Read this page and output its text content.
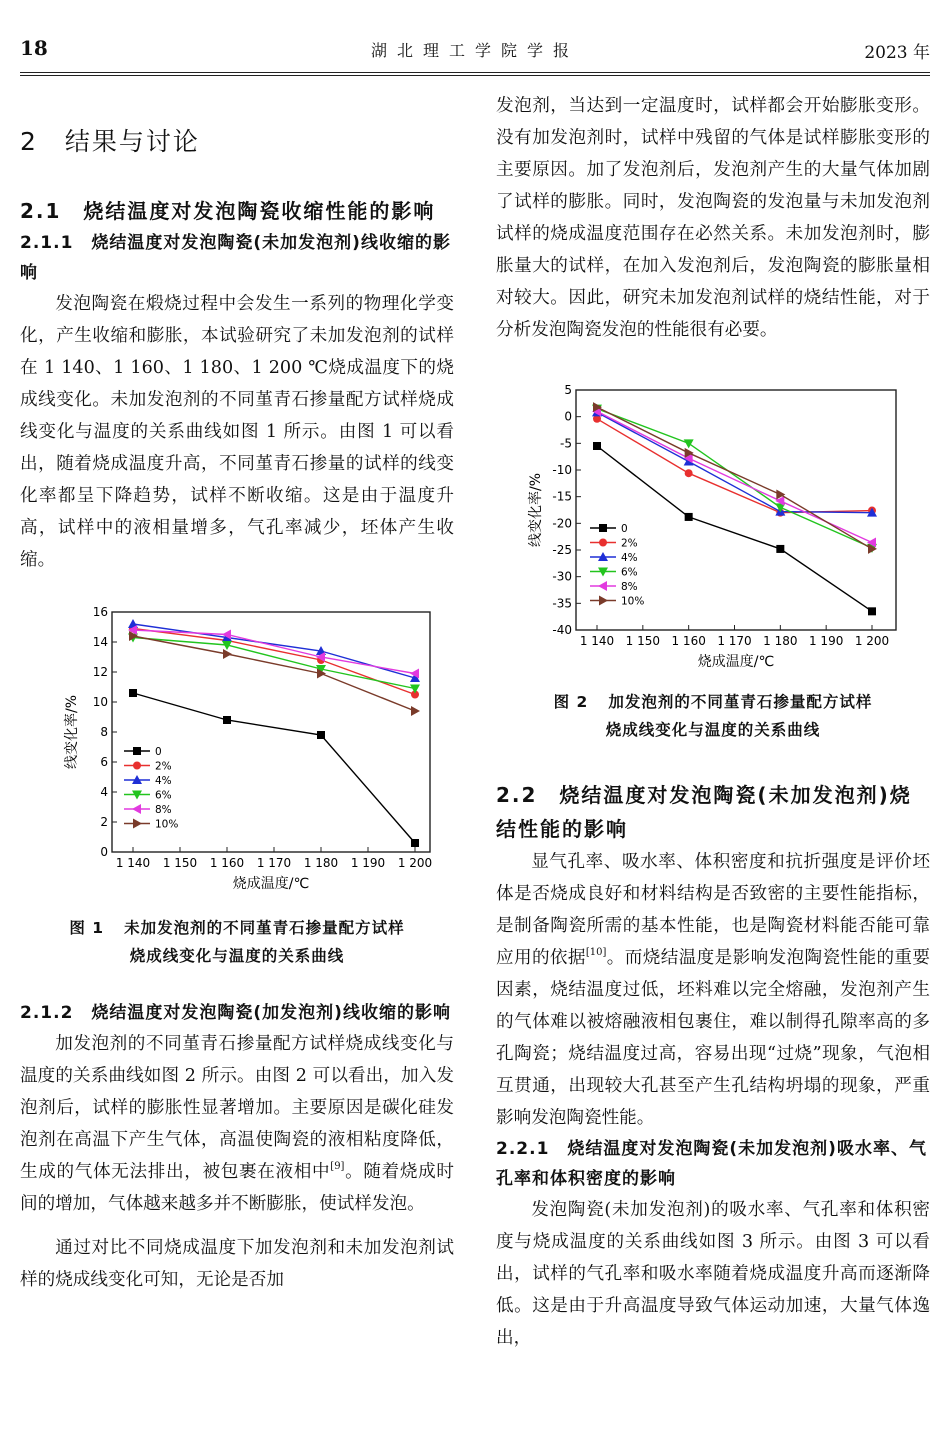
18	湖北理工学院学报	2023 年
2　结果与讨论
2.1　烧结温度对发泡陶瓷收缩性能的影响
2.1.1　烧结温度对发泡陶瓷(未加发泡剂)线收缩的影响

发泡陶瓷在煅烧过程中会发生一系列的物理化学变化，产生收缩和膨胀，本试验研究了未加发泡剂的试样在 1 140、1 160、1 180、1 200 ℃烧成温度下的烧成线变化。未加发泡剂的不同堇青石掺量配方试样烧成线变化与温度的关系曲线如图 1 所示。由图 1 可以看出，随着烧成温度升高，不同堇青石掺量的试样的线变化率都呈下降趋势，试样不断收缩。这是由于温度升高，试样中的液相量增多，气孔率减少，坯体产生收缩。

0
2
4
6
8
10
12
14
16
1 140 1 150 1 160 1 170 1 180 1 190 1 200
烧成温度/℃
线变化率/%	0
2%
4%
6%
8%
10%
图 1 未加发泡剂的不同堇青石掺量配方试样
烧成线变化与温度的关系曲线
2.1.2　烧结温度对发泡陶瓷(加发泡剂)线收缩的影响

加发泡剂的不同堇青石掺量配方试样烧成线变化与温度的关系曲线如图 2 所示。由图 2 可以看出，加入发泡剂后，试样的膨胀性显著增加。主要原因是碳化硅发泡剂在高温下产生气体，高温使陶瓷的液相粘度降低，生成的气体无法排出，被包裹在液相中[9]。随着烧成时间的增加，气体越来越多并不断膨胀，使试样发泡。

通过对比不同烧成温度下加发泡剂和未加发泡剂试样的烧成线变化可知，无论是否加

发泡剂，当达到一定温度时，试样都会开始膨胀变形。没有加发泡剂时，试样中残留的气体是试样膨胀变形的主要原因。加了发泡剂后，发泡剂产生的大量气体加剧了试样的膨胀。同时，发泡陶瓷的发泡量与未加发泡剂试样的烧成温度范围存在必然关系。未加发泡剂时，膨胀量大的试样，在加入发泡剂后，发泡陶瓷的膨胀量相对较大。因此，研究未加发泡剂试样的烧结性能，对于分析发泡陶瓷发泡的性能很有必要。

5
0
-5
-10
-15
-20
-25
-30
-35
-40
1 140 1 150 1 160 1 170 1 180 1 190 1 200
烧成温度/℃
线变化率/%	0
2%
4%
6%
8%
10%
图 2 加发泡剂的不同堇青石掺量配方试样
烧成线变化与温度的关系曲线
2.2　烧结温度对发泡陶瓷(未加发泡剂)烧结性能的影响

显气孔率、吸水率、体积密度和抗折强度是评价坯体是否烧成良好和材料结构是否致密的主要性能指标，是制备陶瓷所需的基本性能，也是陶瓷材料能否能可靠应用的依据[10]。而烧结温度是影响发泡陶瓷性能的重要因素，烧结温度过低，坯料难以完全熔融，发泡剂产生的气体难以被熔融液相包裹住，难以制得孔隙率高的多孔陶瓷；烧结温度过高，容易出现“过烧”现象，气泡相互贯通，出现较大孔甚至产生孔结构坍塌的现象，严重影响发泡陶瓷性能。

2.2.1　烧结温度对发泡陶瓷(未加发泡剂)吸水率、气孔率和体积密度的影响

发泡陶瓷(未加发泡剂)的吸水率、气孔率和体积密度与烧成温度的关系曲线如图 3 所示。由图 3 可以看出，试样的气孔率和吸水率随着烧成温度升高而逐渐降低。这是由于升高温度导致气体运动加速，大量气体逸出，
